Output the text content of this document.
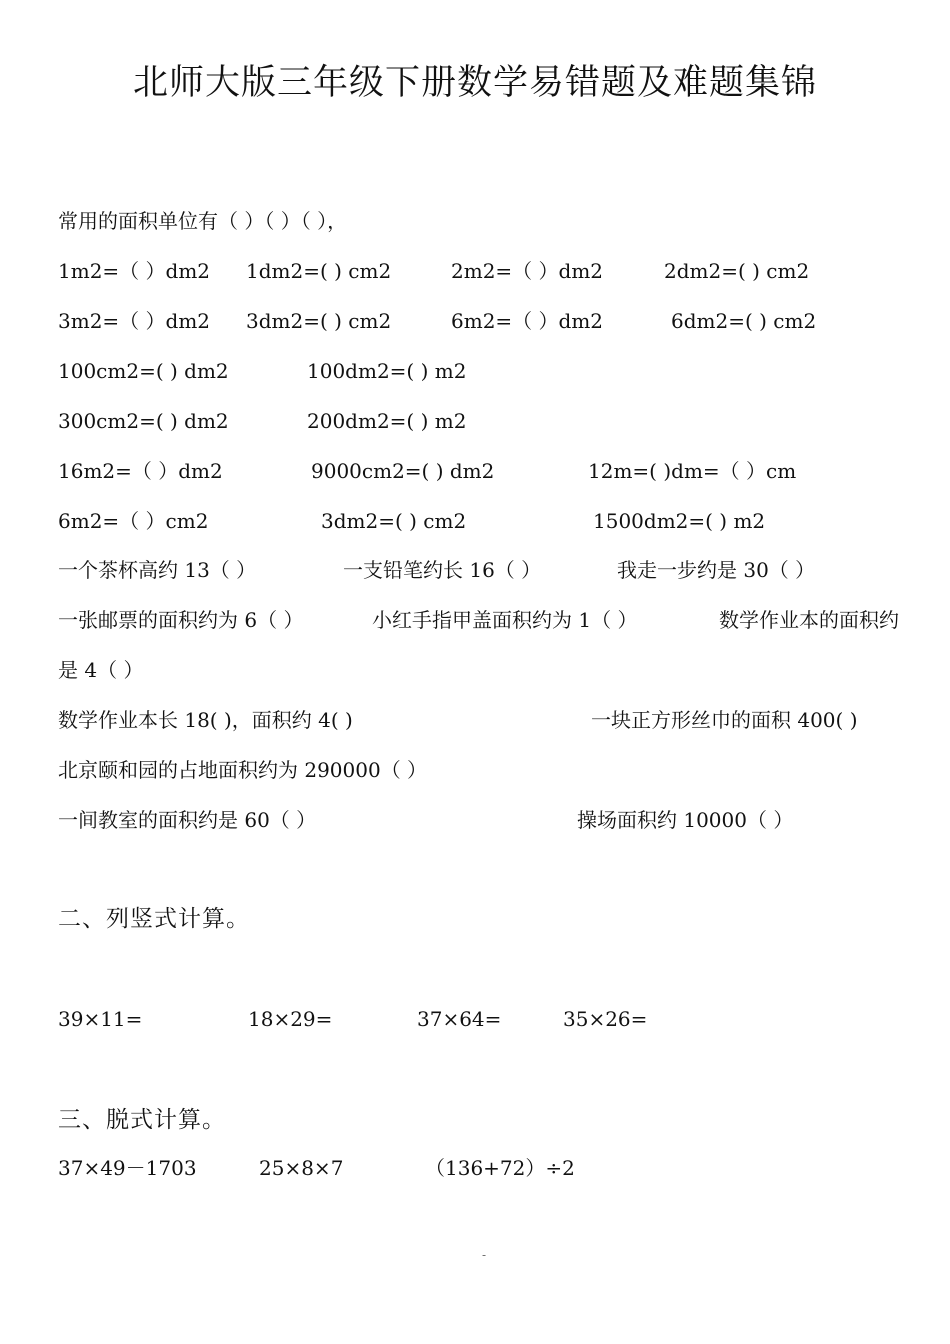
北师大版三年级下册数学易错题及难题集锦
常用的面积单位有（ ）（ ）（ ），
1m2=（ ）dm2 1dm2=( ) cm2	2m2=（ ）dm2	2dm2=( ) cm2
3m2=（ ）dm2 3dm2=( ) cm2	6m2=（ ）dm2	6dm2=( ) cm2
100cm2=( ) dm2	100dm2=( ) m2
300cm2=( ) dm2	200dm2=( ) m2
16m2=（ ）dm2	9000cm2=( ) dm2	12m=( )dm=（ ）cm
6m2=（ ）cm2	3dm2=( ) cm2	1500dm2=( ) m2
一个茶杯高约 13（ ）	一支铅笔约长 16（ ）	我走一步约是 30（ ）
一张邮票的面积约为 6（ ）	小红手指甲盖面积约为 1（ ）	数学作业本的面积约
是 4（ ）
数学作业本长 18( )，面积约 4( )	一块正方形丝巾的面积 400( )
北京颐和园的占地面积约为 290000（ ）
一间教室的面积约是 60（ ）	操场面积约 10000（ ）
二、列竖式计算。
39×11=	18×29=	37×64=	35×26=
三、脱式计算。
37×49－1703	25×8×7	（136+72）÷2
-
